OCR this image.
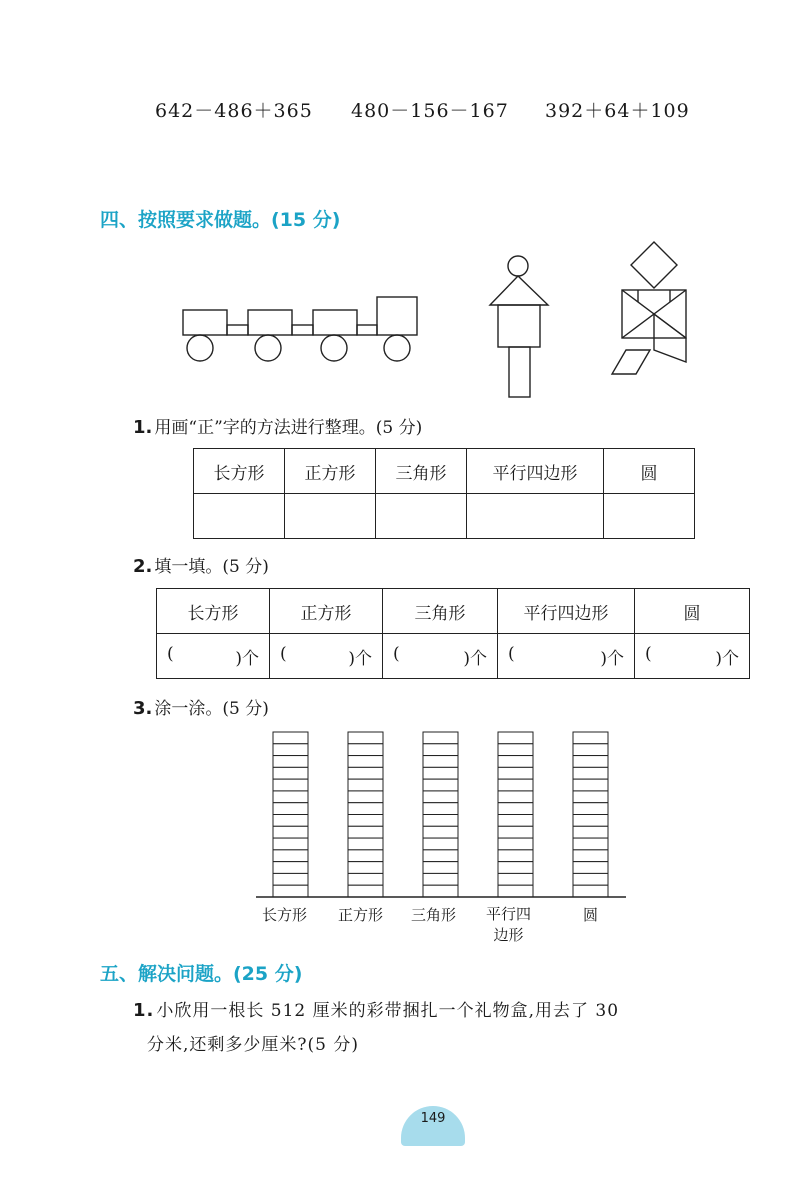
642－486＋365 480－156－167 392＋64＋109
四、按照要求做题。(15 分)
1. 用画“正”字的方法进行整理。(5 分)
长方形	正方形	三角形	平行四边形	圆

2. 填一填。(5 分)
长方形	正方形	三角形	平行四边形	圆

( )个	( )个	( )个	( )个	( )个
3. 涂一涂。(5 分)
长方形 正方形 三角形 平行四
边形
圆
五、解决问题。(25 分)
1. 小欣用一根长 512 厘米的彩带捆扎一个礼物盒,用去了 30
分米,还剩多少厘米?(5 分)
149
